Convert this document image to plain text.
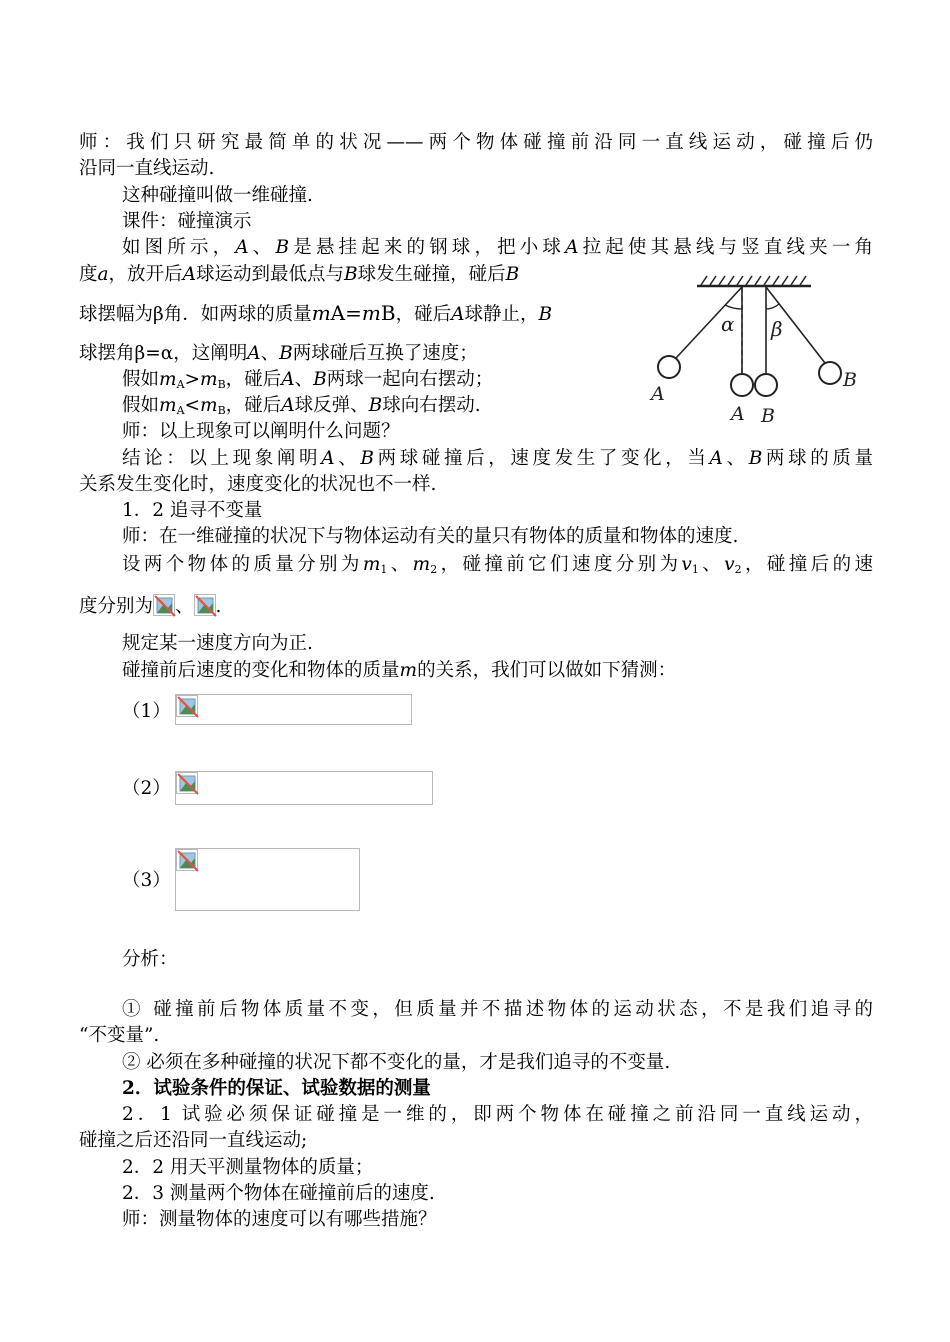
师：我们只研究最简单的状况——两个物体碰撞前沿同一直线运动，碰撞后仍
沿同一直线运动.
这种碰撞叫做一维碰撞.
课件：碰撞演示
如图所示，A、B是悬挂起来的钢球，把小球A拉起使其悬线与竖直线夹一角
度a，放开后A球运动到最低点与B球发生碰撞，碰后B
球摆幅为β角．如两球的质量mA=mB，碰后A球静止，B
球摆角β=α，这阐明A、B两球碰后互换了速度；
假如$m_A>m_B$，碰后A、B两球一起向右摆动；
假如$m_A<m_B$，碰后A球反弹、B球向右摆动.
师：以上现象可以阐明什么问题？
结论：以上现象阐明A、B两球碰撞后，速度发生了变化，当A、B两球的质量
关系发生变化时，速度变化的状况也不一样.
1．2 追寻不变量
师：在一维碰撞的状况下与物体运动有关的量只有物体的质量和物体的速度.
设两个物体的质量分别为$m_1$、$m_2$，碰撞前它们速度分别为$v_1$、$v_2$，碰撞后的速
度分别为 、 .
规定某一速度方向为正.
碰撞前后速度的变化和物体的质量m的关系，我们可以做如下猜测：
（1）
（2）
（3）
分析：
① 碰撞前后物体质量不变，但质量并不描述物体的运动状态，不是我们追寻的
“不变量”.
② 必须在多种碰撞的状况下都不变化的量，才是我们追寻的不变量.
2．试验条件的保证、试验数据的测量
2．1 试验必须保证碰撞是一维的，即两个物体在碰撞之前沿同一直线运动，
碰撞之后还沿同一直线运动;
2．2 用天平测量物体的质量；
2．3 测量两个物体在碰撞前后的速度.
师：测量物体的速度可以有哪些措施？
α β
A
A B
B
